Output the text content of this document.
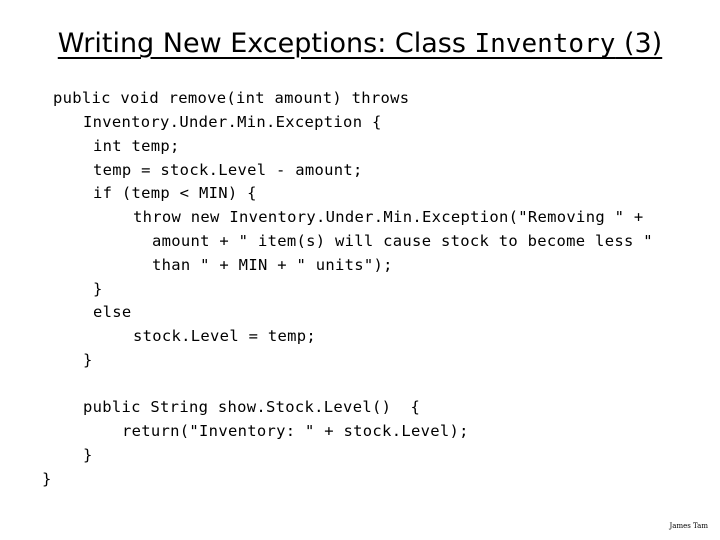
Writing New Exceptions: Class Inventory (3)
public void remove(int amount) throws
Inventory.Under.Min.Exception {
int temp;
temp = stock.Level - amount;
if (temp < MIN) {
throw new Inventory.Under.Min.Exception("Removing " +
amount + " item(s) will cause stock to become less "
than " + MIN + " units");
}
else
stock.Level = temp;
}
public String show.Stock.Level()  {
return("Inventory: " + stock.Level);
}
}
James Tam
